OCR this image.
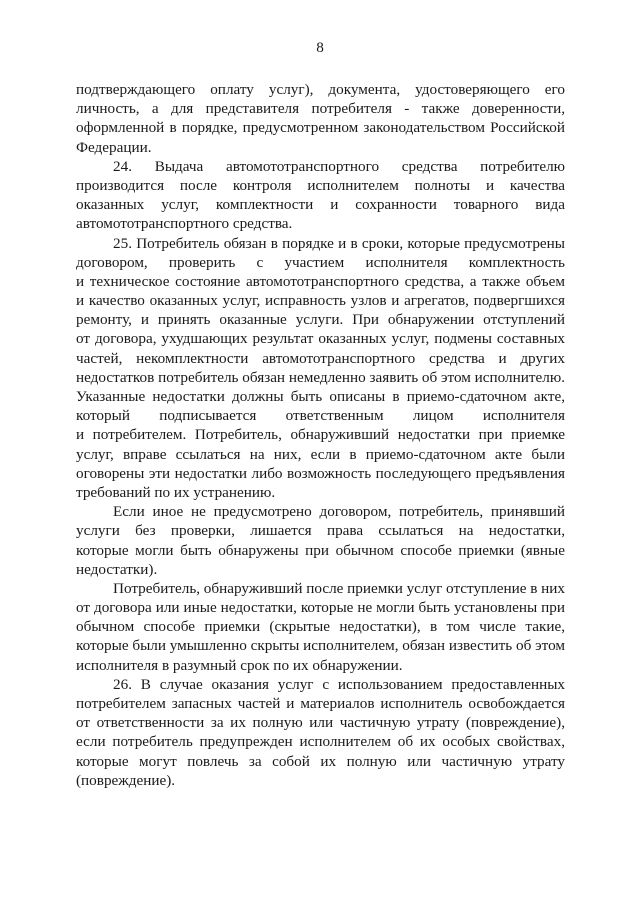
8
подтверждающего оплату услуг), документа, удостоверяющего его
личность, а для представителя потребителя - также доверенности,
оформленной в порядке, предусмотренном законодательством Российской
Федерации.
24. Выдача автомототранспортного средства потребителю
производится после контроля исполнителем полноты и качества
оказанных услуг, комплектности и сохранности товарного вида
автомототранспортного средства.
25. Потребитель обязан в порядке и в сроки, которые предусмотрены
договором, проверить с участием исполнителя комплектность
и техническое состояние автомототранспортного средства, а также объем
и качество оказанных услуг, исправность узлов и агрегатов, подвергшихся
ремонту, и принять оказанные услуги. При обнаружении отступлений
от договора, ухудшающих результат оказанных услуг, подмены составных
частей, некомплектности автомототранспортного средства и других
недостатков потребитель обязан немедленно заявить об этом исполнителю.
Указанные недостатки должны быть описаны в приемо-сдаточном акте,
который подписывается ответственным лицом исполнителя
и потребителем. Потребитель, обнаруживший недостатки при приемке
услуг, вправе ссылаться на них, если в приемо-сдаточном акте были
оговорены эти недостатки либо возможность последующего предъявления
требований по их устранению.
Если иное не предусмотрено договором, потребитель, принявший
услуги без проверки, лишается права ссылаться на недостатки,
которые могли быть обнаружены при обычном способе приемки (явные
недостатки).
Потребитель, обнаруживший после приемки услуг отступление в них
от договора или иные недостатки, которые не могли быть установлены при
обычном способе приемки (скрытые недостатки), в том числе такие,
которые были умышленно скрыты исполнителем, обязан известить об этом
исполнителя в разумный срок по их обнаружении.
26. В случае оказания услуг с использованием предоставленных
потребителем запасных частей и материалов исполнитель освобождается
от ответственности за их полную или частичную утрату (повреждение),
если потребитель предупрежден исполнителем об их особых свойствах,
которые могут повлечь за собой их полную или частичную утрату
(повреждение).
